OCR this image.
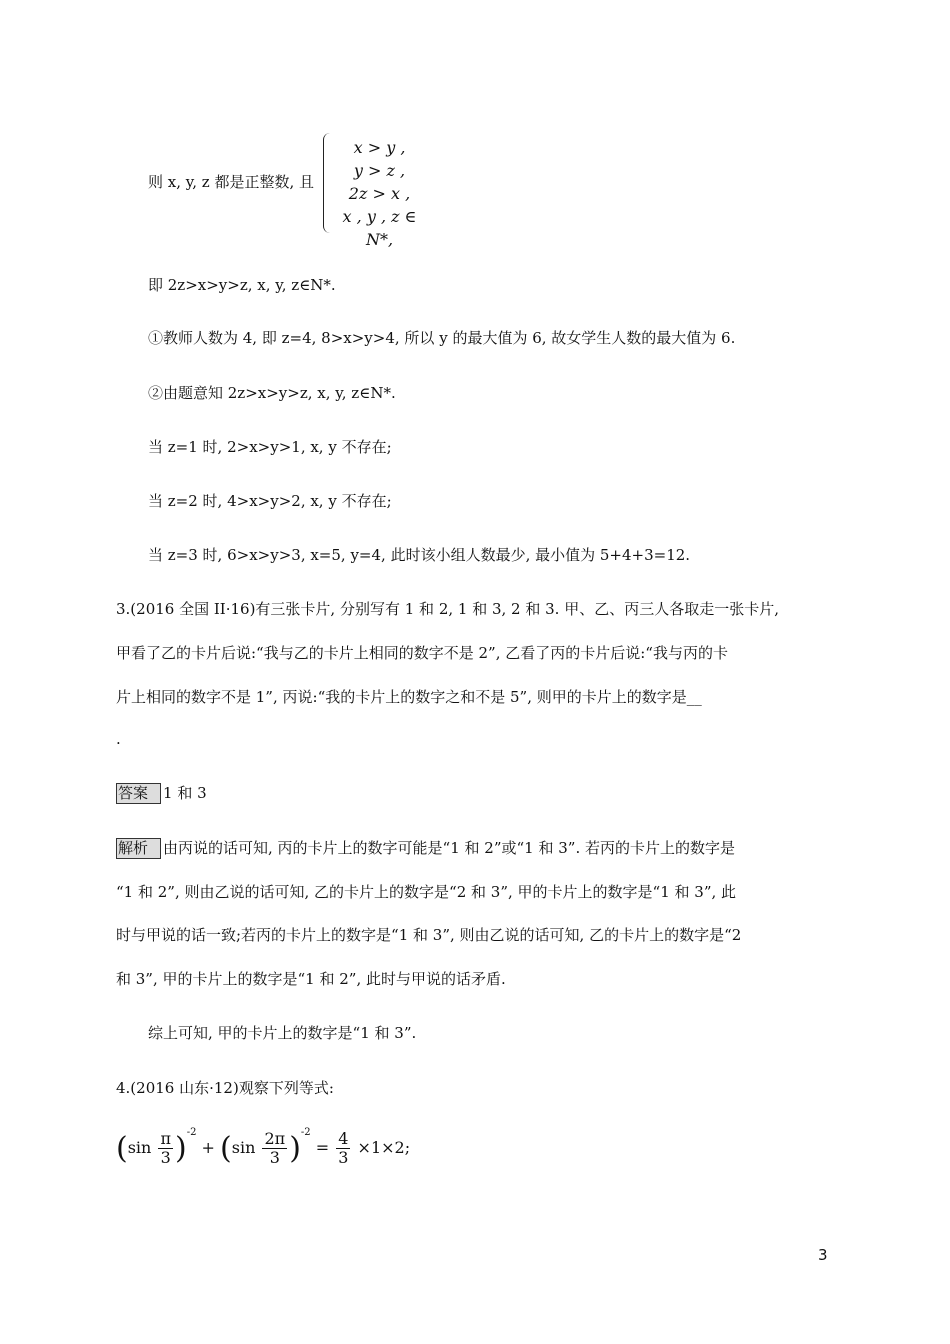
则 x, y, z 都是正整数, 且
x > y ,
y > z ,
2z > x ,
x , y , z ∈ N*,
即 2z>x>y>z, x, y, z∈N*.
①教师人数为 4, 即 z=4, 8>x>y>4, 所以 y 的最大值为 6, 故女学生人数的最大值为 6.
②由题意知 2z>x>y>z, x, y, z∈N*.
当 z=1 时, 2>x>y>1, x, y 不存在;
当 z=2 时, 4>x>y>2, x, y 不存在;
当 z=3 时, 6>x>y>3, x=5, y=4, 此时该小组人数最少, 最小值为 5+4+3=12.
3.(2016 全国 II·16)有三张卡片, 分别写有 1 和 2, 1 和 3, 2 和 3. 甲、乙、丙三人各取走一张卡片,
甲看了乙的卡片后说:“我与乙的卡片上相同的数字不是 2”, 乙看了丙的卡片后说:“我与丙的卡
片上相同的数字不是 1”, 丙说:“我的卡片上的数字之和不是 5”, 则甲的卡片上的数字是__
.
答案 1 和 3
解析 由丙说的话可知, 丙的卡片上的数字可能是“1 和 2”或“1 和 3”. 若丙的卡片上的数字是
“1 和 2”, 则由乙说的话可知, 乙的卡片上的数字是“2 和 3”, 甲的卡片上的数字是“1 和 3”, 此
时与甲说的话一致;若丙的卡片上的数字是“1 和 3”, 则由乙说的话可知, 乙的卡片上的数字是“2
和 3”, 甲的卡片上的数字是“1 和 2”, 此时与甲说的话矛盾.
综上可知, 甲的卡片上的数字是“1 和 3”.
4.(2016 山东·12)观察下列等式:
$(\sin \frac{\pi}{3} )^{-2} + (\sin \frac{2\pi}{3} )^{-2} = \frac{4}{3} \times 1\times 2$;
3
